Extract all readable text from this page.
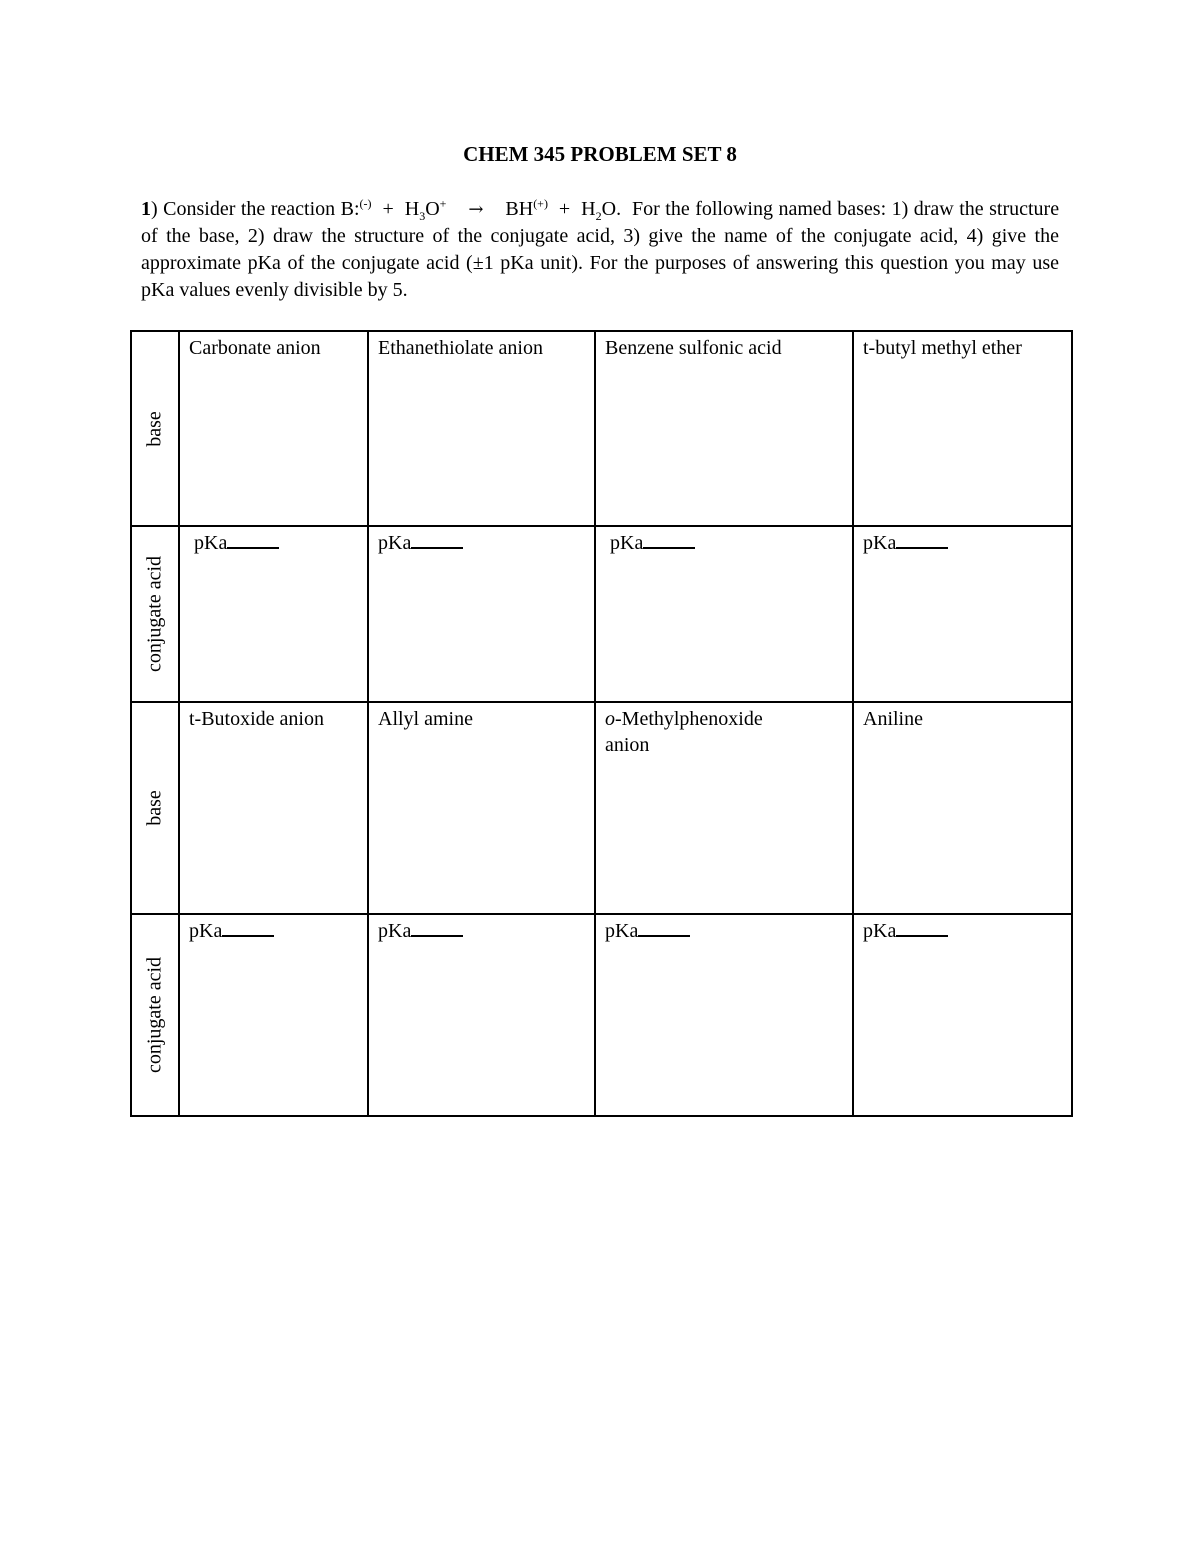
CHEM 345 PROBLEM SET 8
1) Consider the reaction B:(-) + $H_3O^+ \to BH^{(+)} + H_2O$. For the following named bases: 1) draw the structure of the base, 2) draw the structure of the conjugate acid, 3) give the name of the conjugate acid, 4) give the approximate pKa of the conjugate acid (±1 pKa unit). For the purposes of answering this question you may use pKa values evenly divisible by 5.
base	Carbonate anion	Ethanethiolate anion	Benzene sulfonic acid	t-butyl methyl ether

conjugate acid	pKa	pKa	pKa	pKa

base	t-Butoxide anion	Allyl amine	o-Methylphenoxide anion	Aniline

conjugate acid	pKa	pKa	pKa	pKa
